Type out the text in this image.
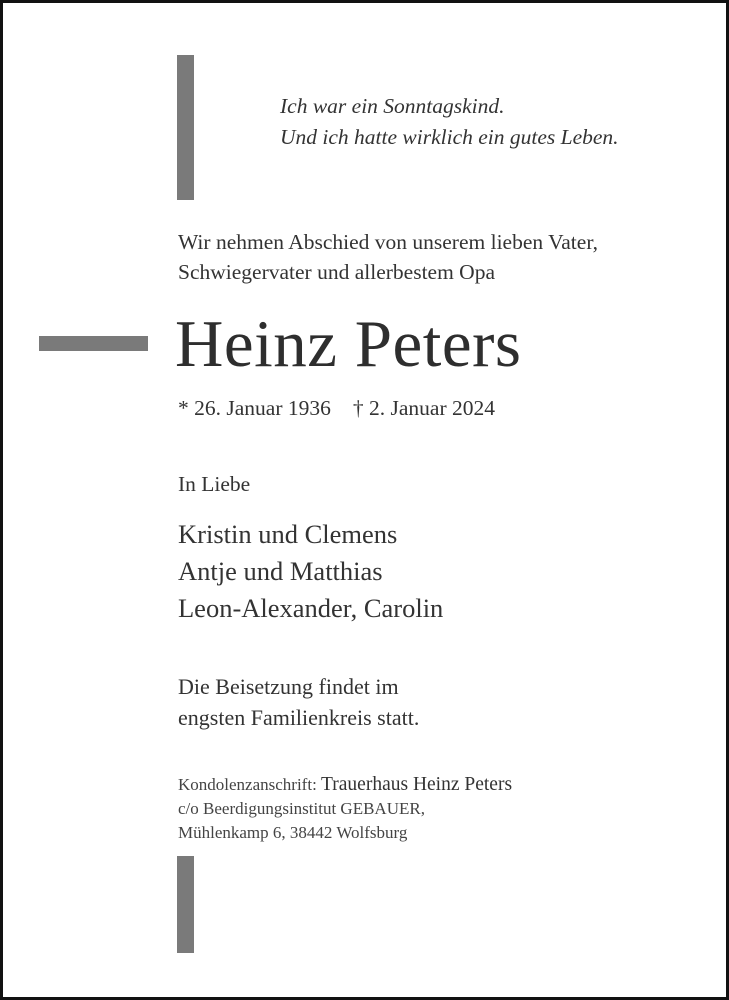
Ich war ein Sonntagskind.
Und ich hatte wirklich ein gutes Leben.
Wir nehmen Abschied von unserem lieben Vater,
Schwiegervater und allerbestem Opa
Heinz Peters
* 26. Januar 1936 † 2. Januar 2024
In Liebe
Kristin und Clemens
Antje und Matthias
Leon-Alexander, Carolin
Die Beisetzung findet im
engsten Familienkreis statt.
Kondolenzanschrift: Trauerhaus Heinz Peters
c/o Beerdigungsinstitut GEBAUER,
Mühlenkamp 6, 38442 Wolfsburg
